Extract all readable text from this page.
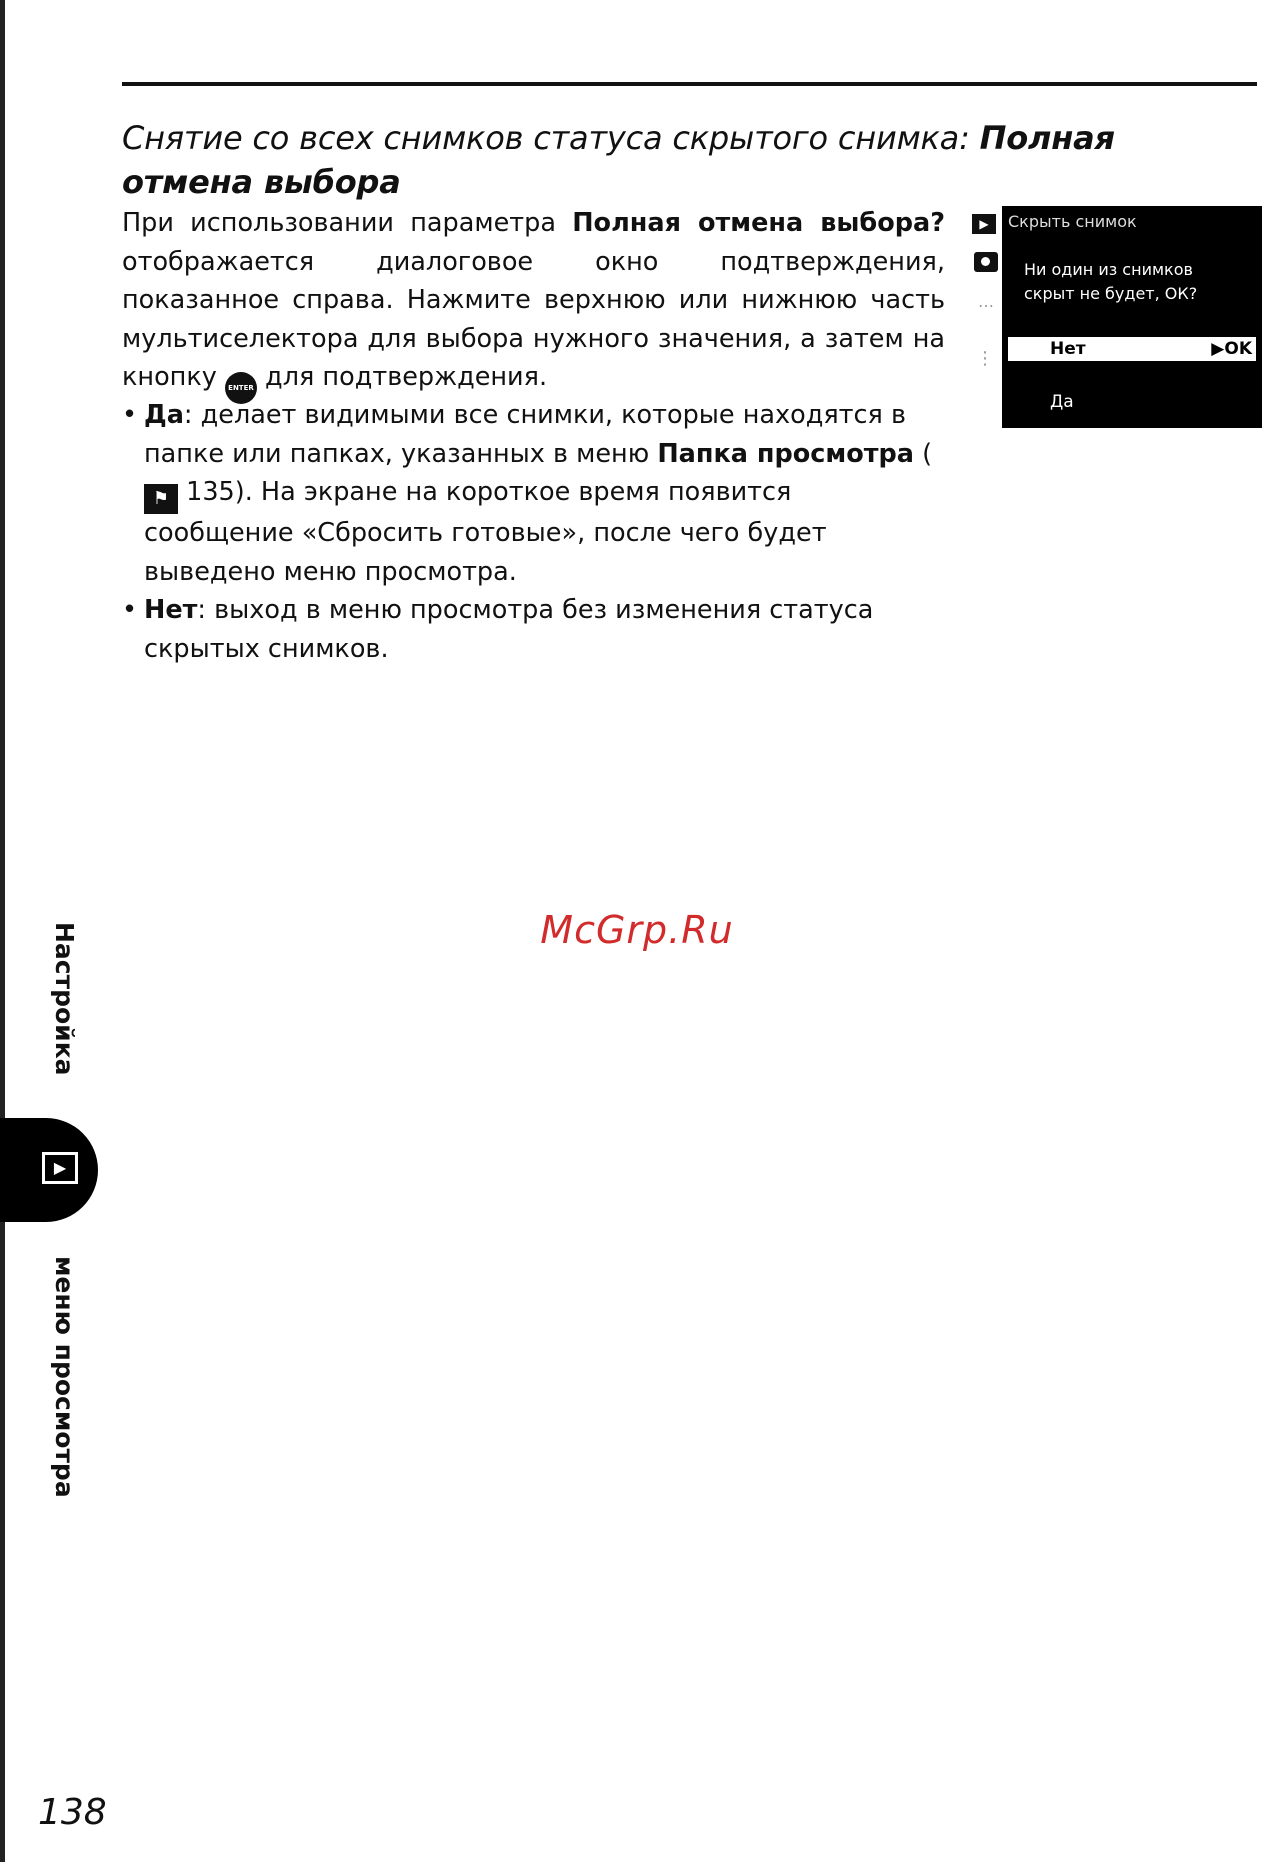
Снятие со всех снимков статуса скрытого снимка: Полная отмена выбора
При использовании параметра Полная отмена выбора? отображается диалоговое окно подтверждения, показанное справа. Нажмите верхнюю или нижнюю часть мультиселектора для выбора нужного значения, а затем на кнопку ENTER для подтверждения.
• Да: делает видимыми все снимки, которые находятся в папке или папках, указанных в меню Папка просмотра (⚑ 135). На экране на короткое время появится сообщение «Сбросить готовые», после чего будет выведено меню просмотра.
• Нет: выход в меню просмотра без изменения статуса скрытых снимков.
▶
…
⋮
Скрыть снимок
Ни один из снимков
скрыт не будет, ОК?
Нет	▶OK
Да
McGrp.Ru
Настройка
▶
меню просмотра
138
